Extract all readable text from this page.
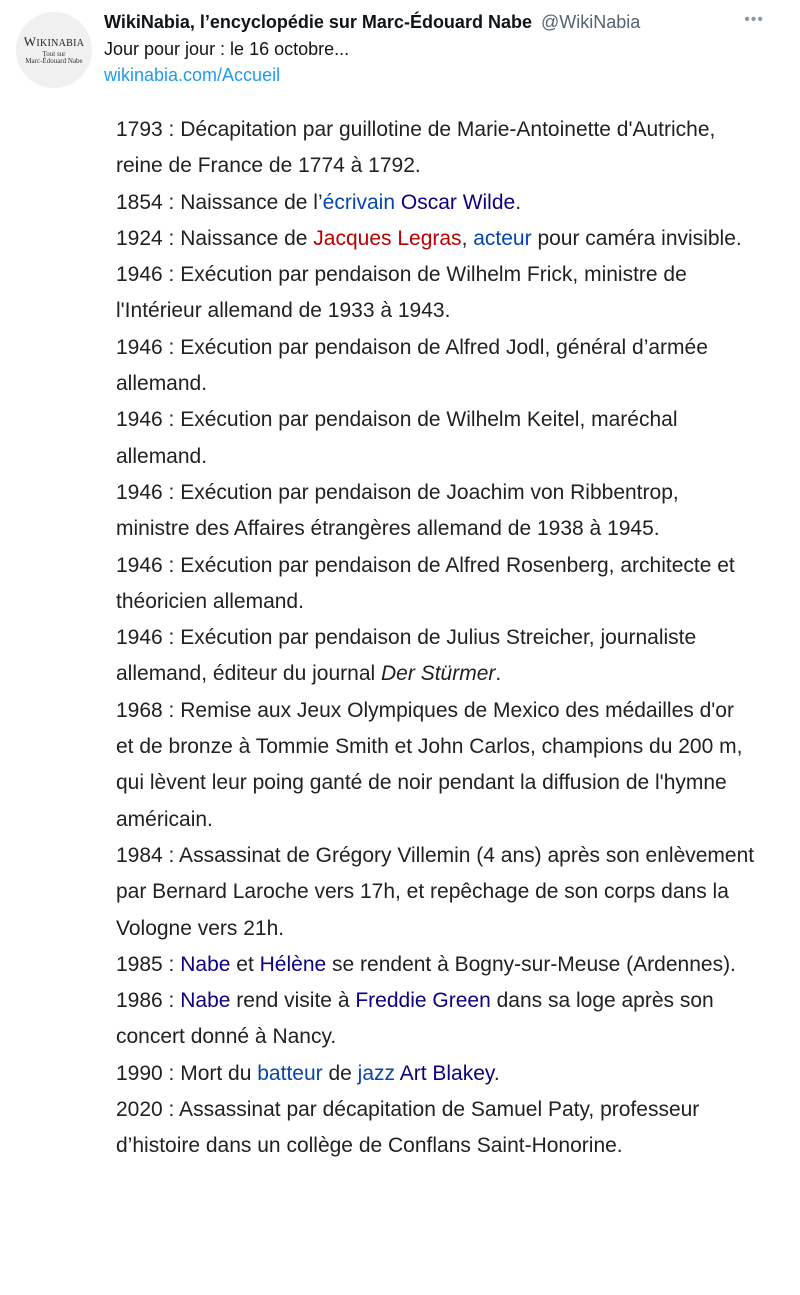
WIKINABIA
Tout sur
Marc-Édouard Nabe
WikiNabia, l’encyclopédie sur Marc-Édouard Nabe @WikiNabia
Jour pour jour : le 16 octobre...
wikinabia.com/Accueil
•••

1793 : Décapitation par guillotine de Marie-Antoinette d'Autriche, reine de France de 1774 à 1792.

1854 : Naissance de l’écrivain Oscar Wilde.

1924 : Naissance de Jacques Legras, acteur pour caméra invisible.

1946 : Exécution par pendaison de Wilhelm Frick, ministre de l'Intérieur allemand de 1933 à 1943.

1946 : Exécution par pendaison de Alfred Jodl, général d’armée allemand.

1946 : Exécution par pendaison de Wilhelm Keitel, maréchal allemand.

1946 : Exécution par pendaison de Joachim von Ribbentrop, ministre des Affaires étrangères allemand de 1938 à 1945.

1946 : Exécution par pendaison de Alfred Rosenberg, architecte et théoricien allemand.

1946 : Exécution par pendaison de Julius Streicher, journaliste allemand, éditeur du journal Der Stürmer.

1968 : Remise aux Jeux Olympiques de Mexico des médailles d'or et de bronze à Tommie Smith et John Carlos, champions du 200 m, qui lèvent leur poing ganté de noir pendant la diffusion de l'hymne américain.

1984 : Assassinat de Grégory Villemin (4 ans) après son enlèvement par Bernard Laroche vers 17h, et repêchage de son corps dans la Vologne vers 21h.

1985 : Nabe et Hélène se rendent à Bogny-sur-Meuse (Ardennes).

1986 : Nabe rend visite à Freddie Green dans sa loge après son concert donné à Nancy.

1990 : Mort du batteur de jazz Art Blakey.

2020 : Assassinat par décapitation de Samuel Paty, professeur d’histoire dans un collège de Conflans Saint-Honorine.
